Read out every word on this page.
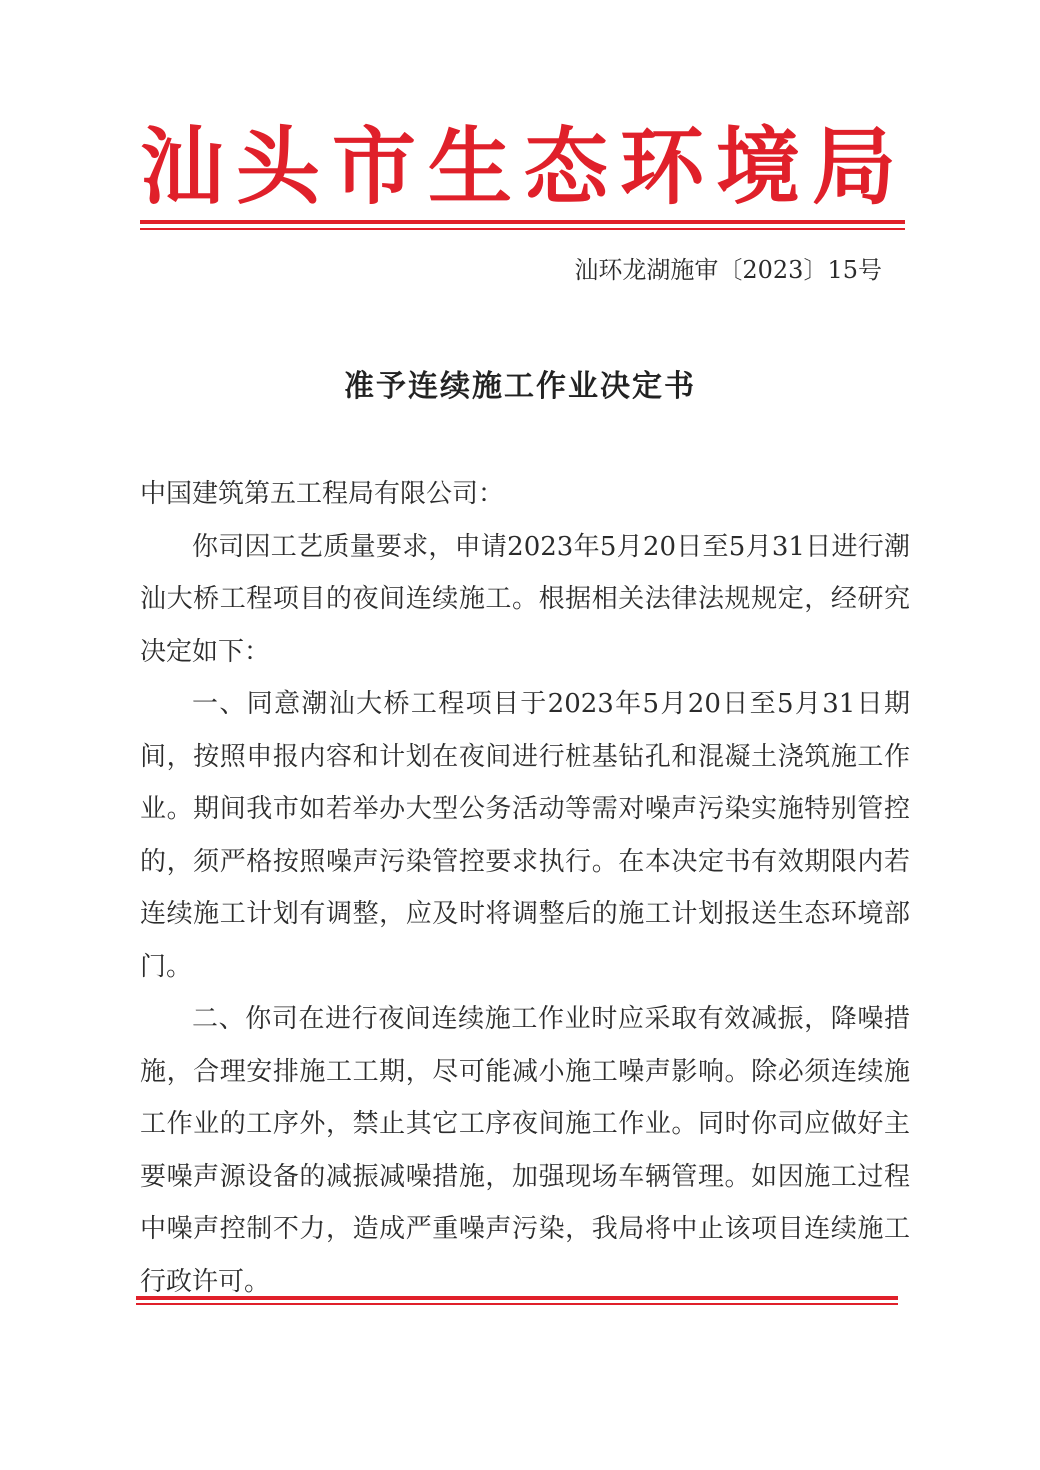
汕头市生态环境局
汕环龙湖施审〔2023〕15号
准予连续施工作业决定书

中国建筑第五工程局有限公司：

你司因工艺质量要求，申请2023年5月20日至5月31日进行潮汕大桥工程项目的夜间连续施工。根据相关法律法规规定，经研究决定如下：

一、同意潮汕大桥工程项目于2023年5月20日至5月31日期间，按照申报内容和计划在夜间进行桩基钻孔和混凝土浇筑施工作业。期间我市如若举办大型公务活动等需对噪声污染实施特别管控的，须严格按照噪声污染管控要求执行。在本决定书有效期限内若连续施工计划有调整，应及时将调整后的施工计划报送生态环境部门。

二、你司在进行夜间连续施工作业时应采取有效减振，降噪措施，合理安排施工工期，尽可能减小施工噪声影响。除必须连续施工作业的工序外，禁止其它工序夜间施工作业。同时你司应做好主要噪声源设备的减振减噪措施，加强现场车辆管理。如因施工过程中噪声控制不力，造成严重噪声污染，我局将中止该项目连续施工行政许可。
